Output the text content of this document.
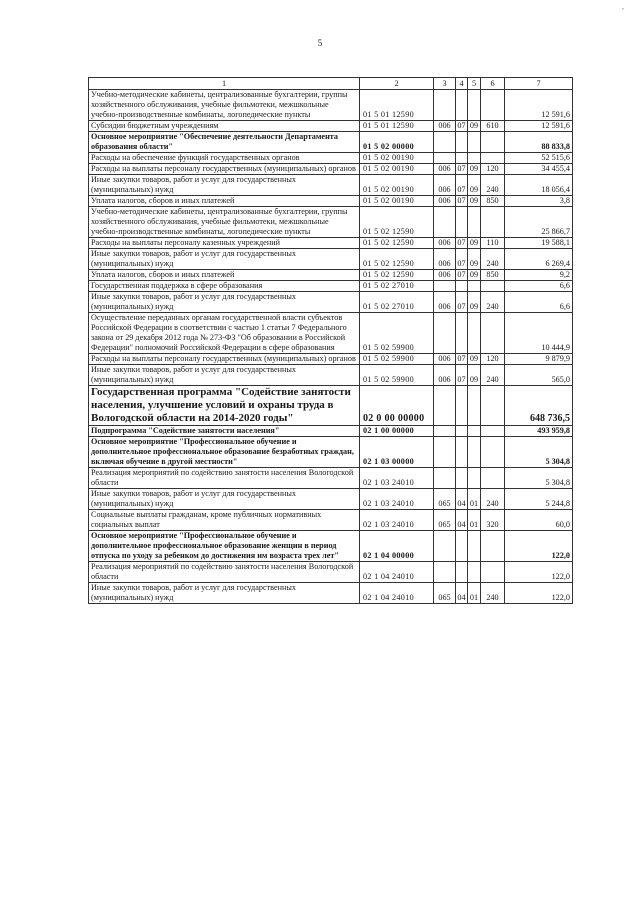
,
5
1	2	3	4	5	6	7
Учебно-методические кабинеты, централизованные бухгалтерии, группы хозяйственного обслуживания, учебные фильмотеки, межшкольные учебно-производственные комбинаты, логопедические пункты	01 5 01 12590					12 591,6
Субсидии бюджетным учреждениям	01 5 01 12590	006	07	09	610	12 591,6
Основное мероприятие "Обеспечение деятельности Департамента образования области"	01 5 02 00000					88 833,8
Расходы на обеспечение функций государственных органов	01 5 02 00190					52 515,6
Расходы на выплаты персоналу государственных (муниципальных) органов	01 5 02 00190	006	07	09	120	34 455,4
Иные закупки товаров, работ и услуг для государственных (муниципальных) нужд	01 5 02 00190	006	07	09	240	18 056,4
Уплата налогов, сборов и иных платежей	01 5 02 00190	006	07	09	850	3,8
Учебно-методические кабинеты, централизованные бухгалтерии, группы хозяйственного обслуживания, учебные фильмотеки, межшкольные учебно-производственные комбинаты, логопедические пункты	01 5 02 12590					25 866,7
Расходы на выплаты персоналу казенных учреждений	01 5 02 12590	006	07	09	110	19 588,1
Иные закупки товаров, работ и услуг для государственных (муниципальных) нужд	01 5 02 12590	006	07	09	240	6 269,4
Уплата налогов, сборов и иных платежей	01 5 02 12590	006	07	09	850	9,2
Государственная поддержка в сфере образования	01 5 02 27010					6,6
Иные закупки товаров, работ и услуг для государственных (муниципальных) нужд	01 5 02 27010	006	07	09	240	6,6
Осуществление переданных органам государственной власти субъектов Российской Федерации в соответствии с частью 1 статьи 7 Федерального закона от 29 декабря 2012 года № 273-ФЗ "Об образовании в Российской Федерации" полномочий Российской Федерации в сфере образования	01 5 02 59900					10 444,9
Расходы на выплаты персоналу государственных (муниципальных) органов	01 5 02 59900	006	07	09	120	9 879,9
Иные закупки товаров, работ и услуг для государственных (муниципальных) нужд	01 5 02 59900	006	07	09	240	565,0
Государственная программа "Содействие занятости населения, улучшение условий и охраны труда в Вологодской области на 2014-2020 годы"	02 0 00 00000					648 736,5
Подпрограмма "Содействие занятости населения"	02 1 00 00000					493 959,8
Основное мероприятие "Профессиональное обучение и дополнительное профессиональное образование безработных граждан, включая обучение в другой местности"	02 1 03 00000					5 304,8
Реализация мероприятий по содействию занятости населения Вологодской области	02 1 03 24010					5 304,8
Иные закупки товаров, работ и услуг для государственных (муниципальных) нужд	02 1 03 24010	065	04	01	240	5 244,8
Социальные выплаты гражданам, кроме публичных нормативных социальных выплат	02 1 03 24010	065	04	01	320	60,0
Основное мероприятие "Профессиональное обучение и дополнительное профессиональное образование женщин в период отпуска по уходу за ребенком до достижения им возраста трех лет"	02 1 04 00000					122,0
Реализация мероприятий по содействию занятости населения Вологодской области	02 1 04 24010					122,0
Иные закупки товаров, работ и услуг для государственных (муниципальных) нужд	02 1 04 24010	065	04	01	240	122,0
